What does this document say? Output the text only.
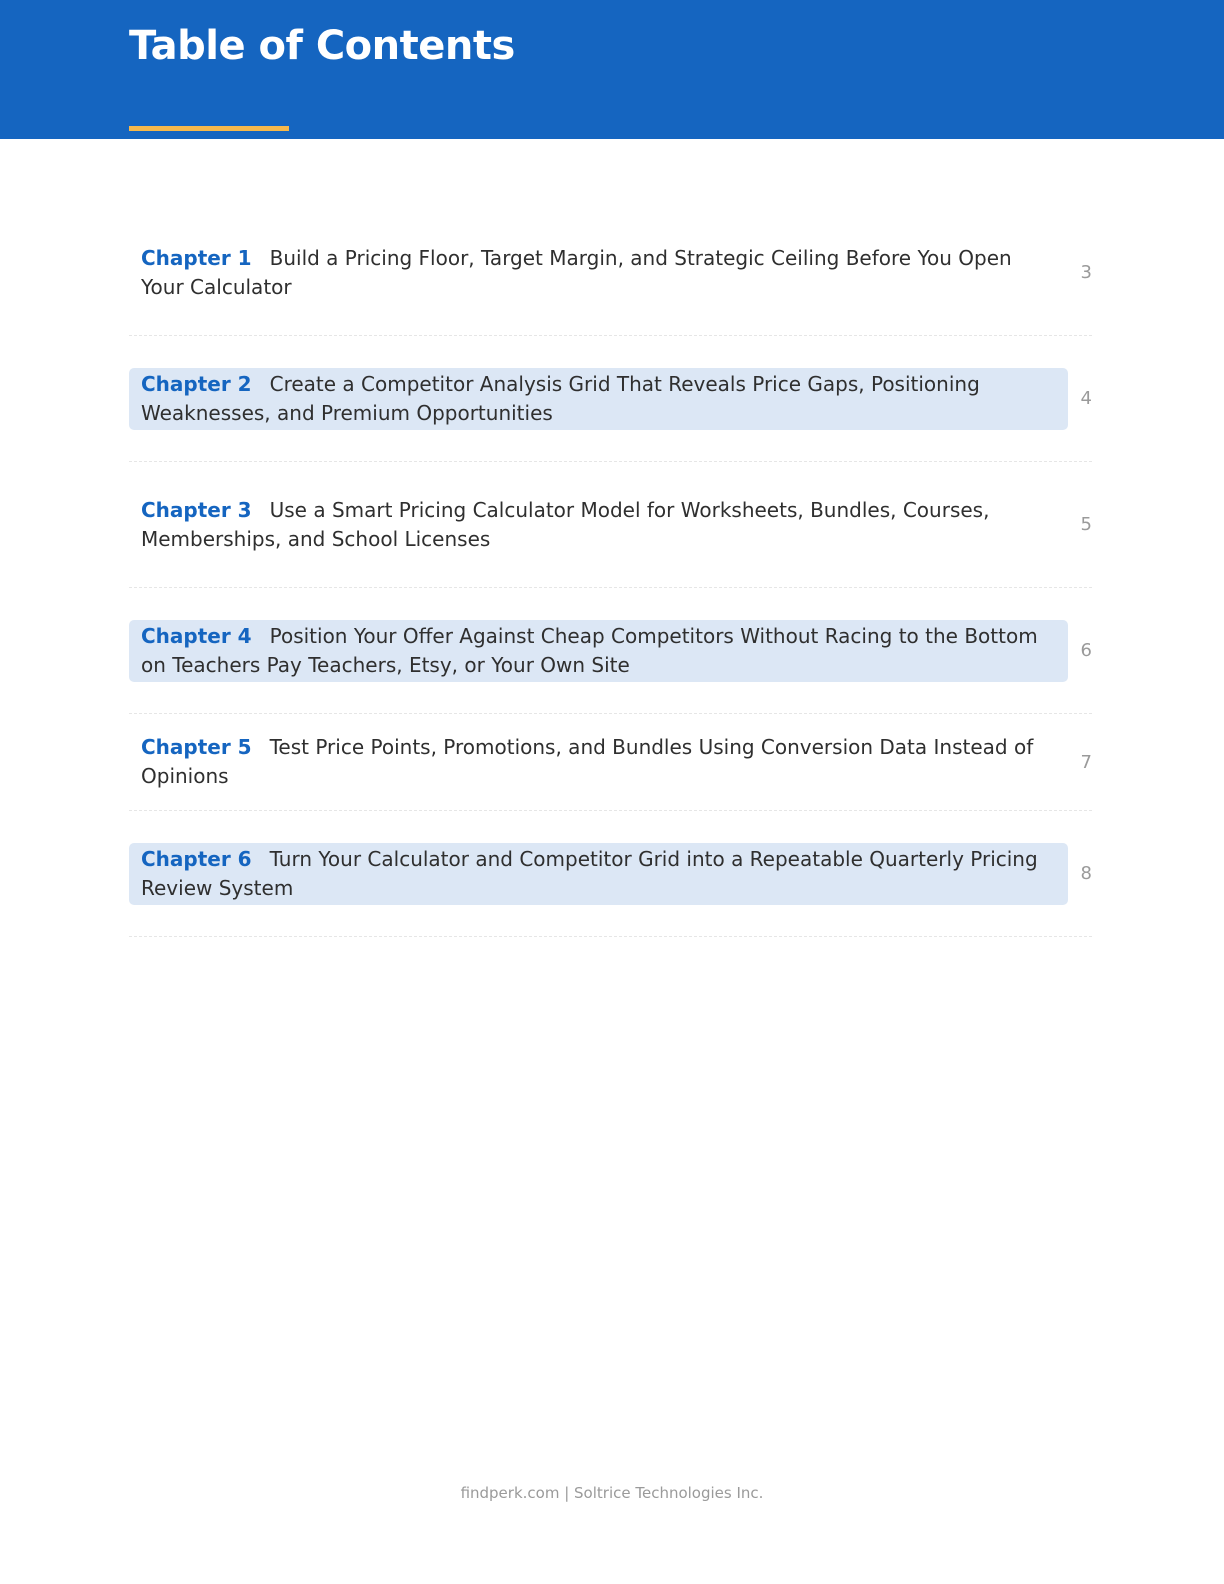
Table of Contents
Chapter 1 Build a Pricing Floor, Target Margin, and Strategic Ceiling Before You Open Your Calculator
3
Chapter 2 Create a Competitor Analysis Grid That Reveals Price Gaps, Positioning Weaknesses, and Premium Opportunities
4
Chapter 3 Use a Smart Pricing Calculator Model for Worksheets, Bundles, Courses, Memberships, and School Licenses
5
Chapter 4 Position Your Offer Against Cheap Competitors Without Racing to the Bottom on Teachers Pay Teachers, Etsy, or Your Own Site
6
Chapter 5 Test Price Points, Promotions, and Bundles Using Conversion Data Instead of Opinions
7
Chapter 6 Turn Your Calculator and Competitor Grid into a Repeatable Quarterly Pricing Review System
8
findperk.com | Soltrice Technologies Inc.
